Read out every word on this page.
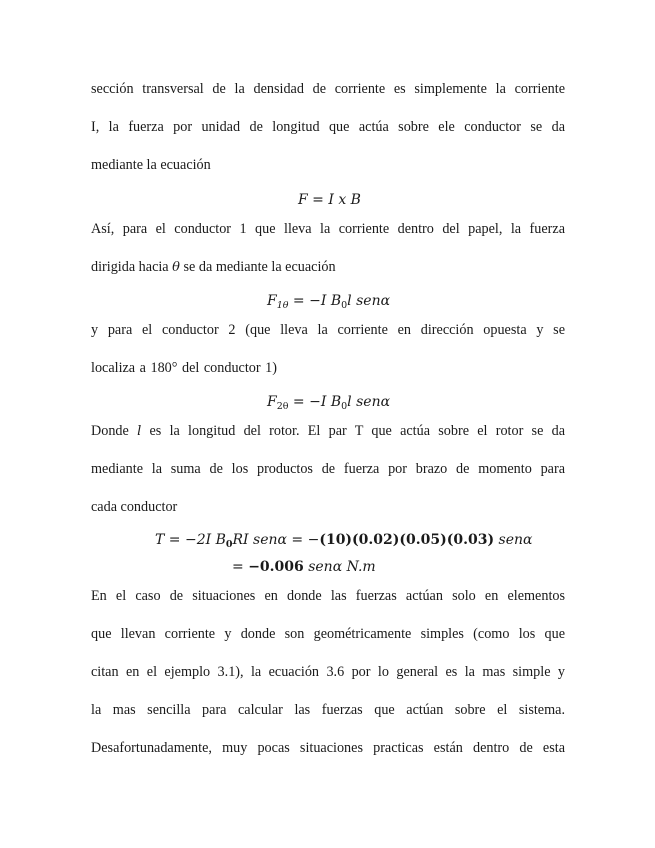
sección transversal de la densidad de corriente es simplemente la corriente
I, la fuerza por unidad de longitud que actúa sobre ele conductor se da
mediante la ecuación
F = I x B
Así, para el conductor 1 que lleva la corriente dentro del papel, la fuerza
dirigida hacia θ se da mediante la ecuación
$F_{1\theta} = -I$ $B_0l$ senα
y para el conductor 2 (que lleva la corriente en dirección opuesta y se
localiza a 180° del conductor 1)
$F_{2\theta} = -I$ $B_0l$ senα
Donde l es la longitud del rotor. El par T que actúa sobre el rotor se da
mediante la suma de los productos de fuerza por brazo de momento para
cada conductor
T = −2I $B_0RI$ senα = −(10)(0.02)(0.05)(0.03) senα
= −0.006 senα N.m
En el caso de situaciones en donde las fuerzas actúan solo en elementos
que llevan corriente y donde son geométricamente simples (como los que
citan en el ejemplo 3.1), la ecuación 3.6 por lo general es la mas simple y
la mas sencilla para calcular las fuerzas que actúan sobre el sistema.
Desafortunadamente, muy pocas situaciones practicas están dentro de esta
